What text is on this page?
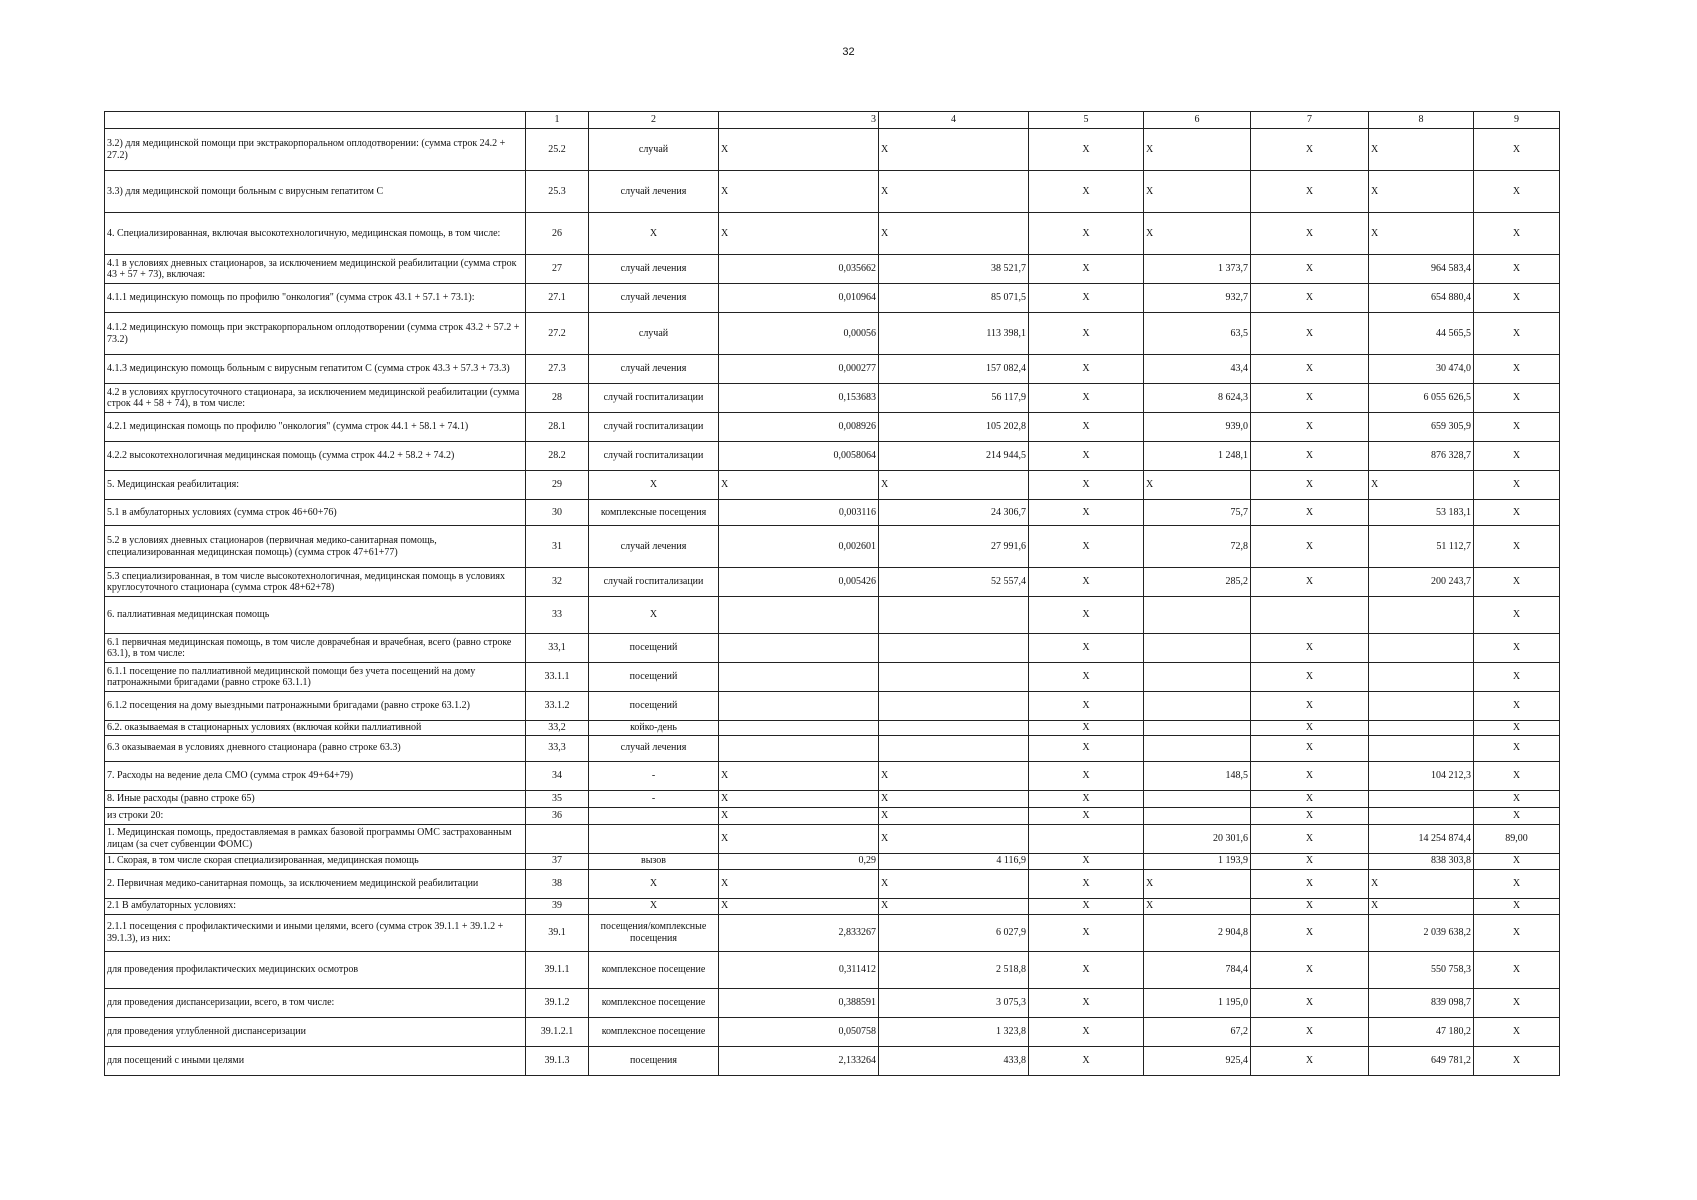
32
	1	2	3	4	5	6	7	8	9
3.2) для медицинской помощи при экстракорпоральном оплодотворении: (сумма строк 24.2 + 27.2)	25.2	случай	X	X	X	X	X	X	X
3.3) для медицинской помощи больным с вирусным гепатитом С	25.3	случай лечения	X	X	X	X	X	X	X
4. Специализированная, включая высокотехнологичную, медицинская помощь, в том числе:	26	X	X	X	X	X	X	X	X
4.1 в условиях дневных стационаров, за исключением медицинской реабилитации (сумма строк 43 + 57 + 73), включая:	27	случай лечения	0,035662	38 521,7	X	1 373,7	X	964 583,4	X
4.1.1 медицинскую помощь по профилю "онкология" (сумма строк 43.1 + 57.1 + 73.1):	27.1	случай лечения	0,010964	85 071,5	X	932,7	X	654 880,4	X
4.1.2 медицинскую помощь при экстракорпоральном оплодотворении (сумма строк 43.2 + 57.2 + 73.2)	27.2	случай	0,00056	113 398,1	X	63,5	X	44 565,5	X
4.1.3 медицинскую помощь больным с вирусным гепатитом С (сумма строк 43.3 + 57.3 + 73.3)	27.3	случай лечения	0,000277	157 082,4	X	43,4	X	30 474,0	X
4.2 в условиях круглосуточного стационара, за исключением медицинской реабилитации (сумма строк 44 + 58 + 74), в том числе:	28	случай госпитализации	0,153683	56 117,9	X	8 624,3	X	6 055 626,5	X
4.2.1 медицинская помощь по профилю "онкология" (сумма строк 44.1 + 58.1 + 74.1)	28.1	случай госпитализации	0,008926	105 202,8	X	939,0	X	659 305,9	X
4.2.2 высокотехнологичная медицинская помощь (сумма строк 44.2 + 58.2 + 74.2)	28.2	случай госпитализации	0,0058064	214 944,5	X	1 248,1	X	876 328,7	X
5. Медицинская реабилитация:	29	X	X	X	X	X	X	X	X
5.1 в амбулаторных условиях (сумма строк 46+60+76)	30	комплексные посещения	0,003116	24 306,7	X	75,7	X	53 183,1	X
5.2 в условиях дневных стационаров (первичная медико-санитарная помощь, специализированная медицинская помощь) (сумма строк 47+61+77)	31	случай лечения	0,002601	27 991,6	X	72,8	X	51 112,7	X
5.3 специализированная, в том числе высокотехнологичная, медицинская помощь в условиях круглосуточного стационара (сумма строк 48+62+78)	32	случай госпитализации	0,005426	52 557,4	X	285,2	X	200 243,7	X
6. паллиативная медицинская помощь	33	X			X				X
6.1 первичная медицинская помощь, в том числе доврачебная и врачебная, всего (равно строке 63.1), в том числе:	33,1	посещений			X		X		X
6.1.1 посещение по паллиативной медицинской помощи без учета посещений на дому патронажными бригадами (равно строке 63.1.1)	33.1.1	посещений			X		X		X
6.1.2 посещения на дому выездными патронажными бригадами (равно строке 63.1.2)	33.1.2	посещений			X		X		X
6.2. оказываемая в стационарных условиях (включая койки паллиативной	33,2	койко-день			X		X		X
6.3 оказываемая в условиях дневного стационара (равно строке 63.3)	33,3	случай лечения			X		X		X
7. Расходы на ведение дела СМО (сумма строк 49+64+79)	34	-	X	X	X	148,5	X	104 212,3	X
8. Иные расходы (равно строке 65)	35	-	X	X	X		X		X
из строки 20:	36		X	X	X		X		X
1. Медицинская помощь, предоставляемая в рамках базовой программы ОМС застрахованным лицам (за счет субвенции ФОМС)			X	X		20 301,6	X	14 254 874,4	89,00
1. Скорая, в том числе скорая специализированная, медицинская помощь	37	вызов	0,29	4 116,9	X	1 193,9	X	838 303,8	X
2. Первичная медико-санитарная помощь, за исключением медицинской реабилитации	38	X	X	X	X	X	X	X	X
2.1 В амбулаторных условиях:	39	X	X	X	X	X	X	X	X
2.1.1 посещения с профилактическими и иными целями, всего (сумма строк 39.1.1 + 39.1.2 + 39.1.3), из них:	39.1	посещения/комплексные посещения	2,833267	6 027,9	X	2 904,8	X	2 039 638,2	X
для проведения профилактических медицинских осмотров	39.1.1	комплексное посещение	0,311412	2 518,8	X	784,4	X	550 758,3	X
для проведения диспансеризации, всего, в том числе:	39.1.2	комплексное посещение	0,388591	3 075,3	X	1 195,0	X	839 098,7	X
для проведения углубленной диспансеризации	39.1.2.1	комплексное посещение	0,050758	1 323,8	X	67,2	X	47 180,2	X
для посещений с иными целями	39.1.3	посещения	2,133264	433,8	X	925,4	X	649 781,2	X
